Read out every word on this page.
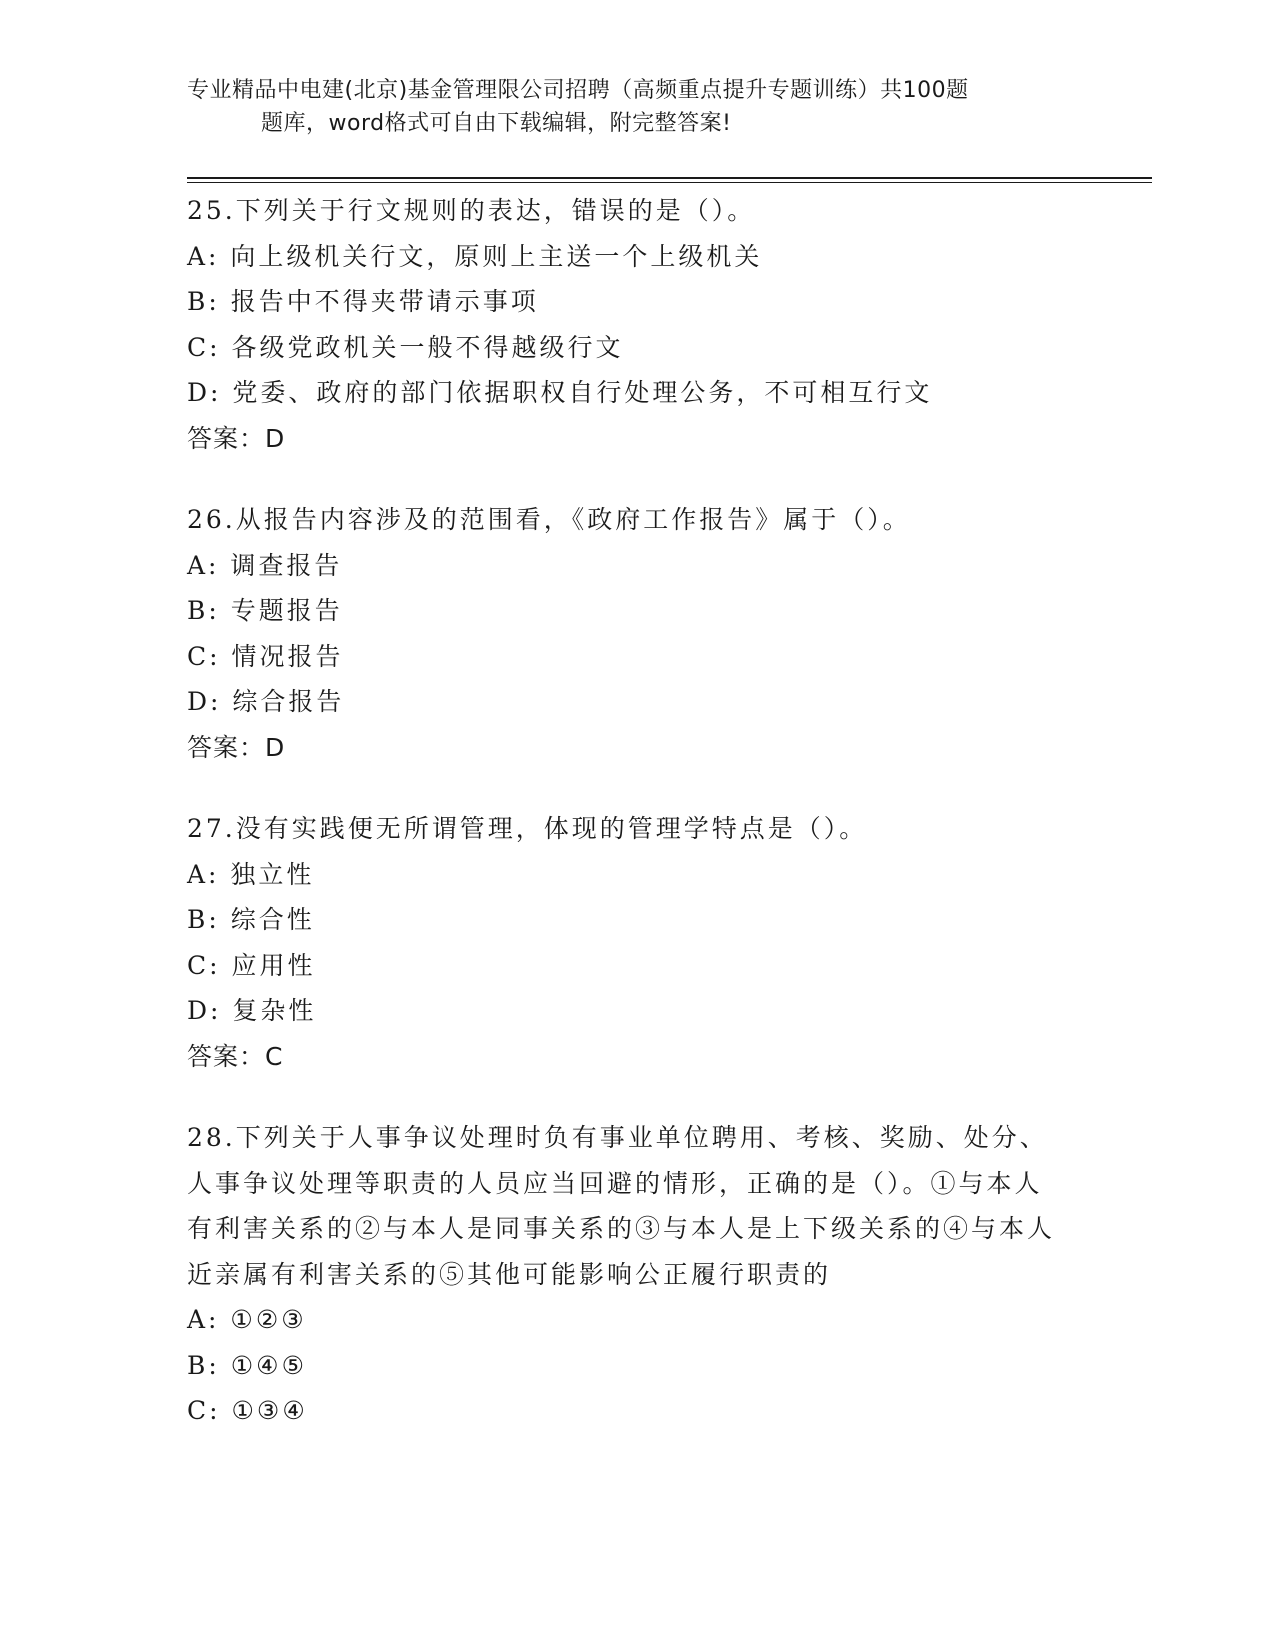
专业精品中电建(北京)基金管理限公司招聘（高频重点提升专题训练）共100题
题库，word格式可自由下载编辑，附完整答案!
25.下列关于行文规则的表达，错误的是（）。
A: 向上级机关行文，原则上主送一个上级机关
B: 报告中不得夹带请示事项
C: 各级党政机关一般不得越级行文
D: 党委、政府的部门依据职权自行处理公务，不可相互行文
答案：D
26.从报告内容涉及的范围看，《政府工作报告》属于（）。
A: 调查报告
B: 专题报告
C: 情况报告
D: 综合报告
答案：D
27.没有实践便无所谓管理，体现的管理学特点是（）。
A: 独立性
B: 综合性
C: 应用性
D: 复杂性
答案：C
28.下列关于人事争议处理时负有事业单位聘用、考核、奖励、处分、人事争议处理等职责的人员应当回避的情形，正确的是（）。①与本人有利害关系的②与本人是同事关系的③与本人是上下级关系的④与本人近亲属有利害关系的⑤其他可能影响公正履行职责的
A: ①②③
B: ①④⑤
C: ①③④
